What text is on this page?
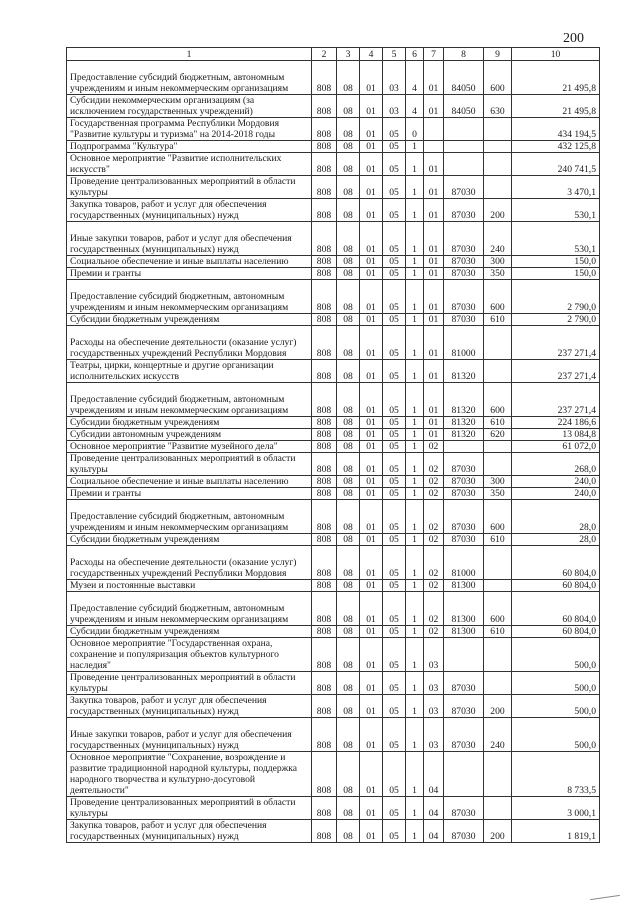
200
1	2	3	4	5	6	7	8	9	10
Предоставление субсидий бюджетным, автономным учреждениям и иным некоммерческим организациям	808	08	01	03	4	01	84050	600	21 495,8
Субсидии некоммерческим организациям (за исключением государственных учреждений)	808	08	01	03	4	01	84050	630	21 495,8
Государственная программа Республики Мордовия "Развитие культуры и туризма" на 2014-2018 годы	808	08	01	05	0				434 194,5
Подпрограмма "Культура"	808	08	01	05	1				432 125,8
Основное мероприятие "Развитие исполнительских искусств"	808	08	01	05	1	01			240 741,5
Проведение централизованных мероприятий в области культуры	808	08	01	05	1	01	87030		3 470,1
Закупка товаров, работ и услуг для обеспечения государственных (муниципальных) нужд	808	08	01	05	1	01	87030	200	530,1
Иные закупки товаров, работ и услуг для обеспечения государственных (муниципальных) нужд	808	08	01	05	1	01	87030	240	530,1
Социальное обеспечение и иные выплаты населению	808	08	01	05	1	01	87030	300	150,0
Премии и гранты	808	08	01	05	1	01	87030	350	150,0
Предоставление субсидий бюджетным, автономным учреждениям и иным некоммерческим организациям	808	08	01	05	1	01	87030	600	2 790,0
Субсидии бюджетным учреждениям	808	08	01	05	1	01	87030	610	2 790,0
Расходы на обеспечение деятельности (оказание услуг) государственных учреждений Республики Мордовия	808	08	01	05	1	01	81000		237 271,4
Театры, цирки, концертные и другие организации исполнительских искусств	808	08	01	05	1	01	81320		237 271,4
Предоставление субсидий бюджетным, автономным учреждениям и иным некоммерческим организациям	808	08	01	05	1	01	81320	600	237 271,4
Субсидии бюджетным учреждениям	808	08	01	05	1	01	81320	610	224 186,6
Субсидии автономным учреждениям	808	08	01	05	1	01	81320	620	13 084,8
Основное мероприятие "Развитие музейного дела"	808	08	01	05	1	02			61 072,0
Проведение централизованных мероприятий в области культуры	808	08	01	05	1	02	87030		268,0
Социальное обеспечение и иные выплаты населению	808	08	01	05	1	02	87030	300	240,0
Премии и гранты	808	08	01	05	1	02	87030	350	240,0
Предоставление субсидий бюджетным, автономным учреждениям и иным некоммерческим организациям	808	08	01	05	1	02	87030	600	28,0
Субсидии бюджетным учреждениям	808	08	01	05	1	02	87030	610	28,0
Расходы на обеспечение деятельности (оказание услуг) государственных учреждений Республики Мордовия	808	08	01	05	1	02	81000		60 804,0
Музеи и постоянные выставки	808	08	01	05	1	02	81300		60 804,0
Предоставление субсидий бюджетным, автономным учреждениям и иным некоммерческим организациям	808	08	01	05	1	02	81300	600	60 804,0
Субсидии бюджетным учреждениям	808	08	01	05	1	02	81300	610	60 804,0
Основное мероприятие "Государственная охрана, сохранение и популяризация объектов культурного наследия"	808	08	01	05	1	03			500,0
Проведение централизованных мероприятий в области культуры	808	08	01	05	1	03	87030		500,0
Закупка товаров, работ и услуг для обеспечения государственных (муниципальных) нужд	808	08	01	05	1	03	87030	200	500,0
Иные закупки товаров, работ и услуг для обеспечения государственных (муниципальных) нужд	808	08	01	05	1	03	87030	240	500,0
Основное мероприятие "Сохранение, возрождение и развитие традиционной народной культуры, поддержка народного творчества и культурно-досуговой деятельности"	808	08	01	05	1	04			8 733,5
Проведение централизованных мероприятий в области культуры	808	08	01	05	1	04	87030		3 000,1
Закупка товаров, работ и услуг для обеспечения государственных (муниципальных) нужд	808	08	01	05	1	04	87030	200	1 819,1
